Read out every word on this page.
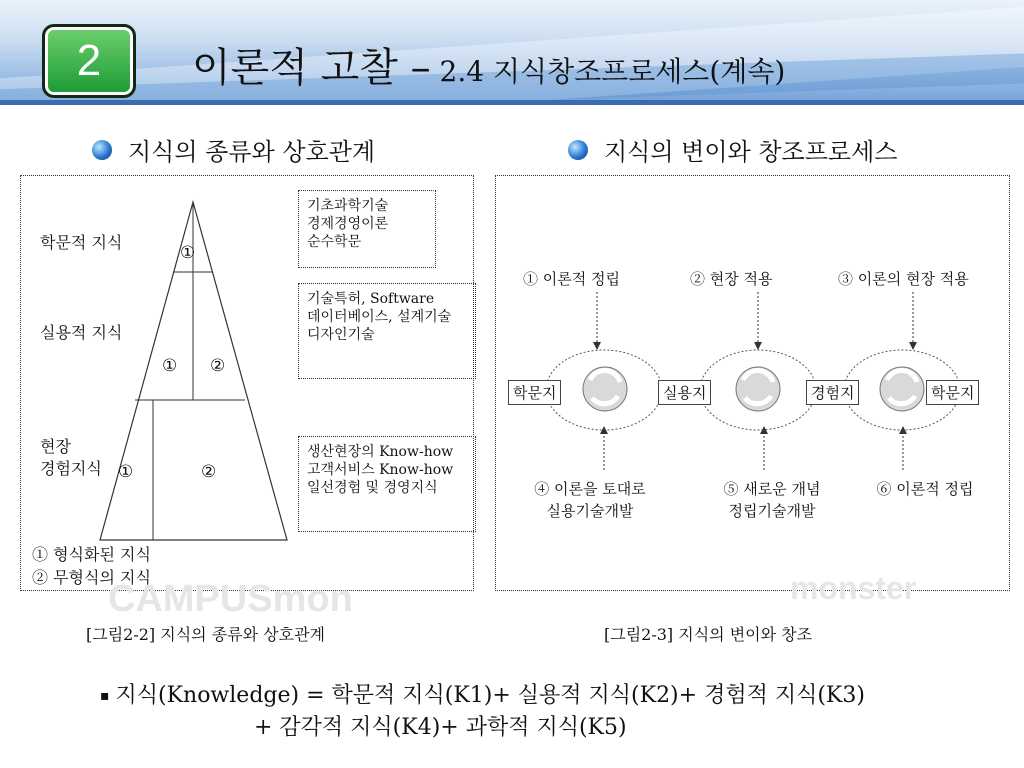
2	이론적 고찰 – 2.4 지식창조프로세스(계속)
지식의 종류와 상호관계	지식의 변이와 창조프로세스
학문적 지식
실용적 지식
현장
경험지식
①
① ②
①	②
기초과학기술
경제경영이론
순수학문
기술특허, Software
데이터베이스, 설계기술
디자인기술
생산현장의 Know-how
고객서비스 Know-how
일선경험 및 경영지식
① 형식화된 지식
② 무형식의 지식
CAMPUSmon	monster
① 이론적 정립	② 현장 적용	③ 이론의 현장 적용
학문지	실용지	경험지	학문지
④ 이론을 토대로
실용기술개발
⑤ 새로운 개념
정립기술개발
⑥ 이론적 정립
[그림2-2] 지식의 종류와 상호관계	[그림2-3] 지식의 변이와 창조
▪ 지식(Knowledge) = 학문적 지식(K1)+ 실용적 지식(K2)+ 경험적 지식(K3)
+ 감각적 지식(K4)+ 과학적 지식(K5)
